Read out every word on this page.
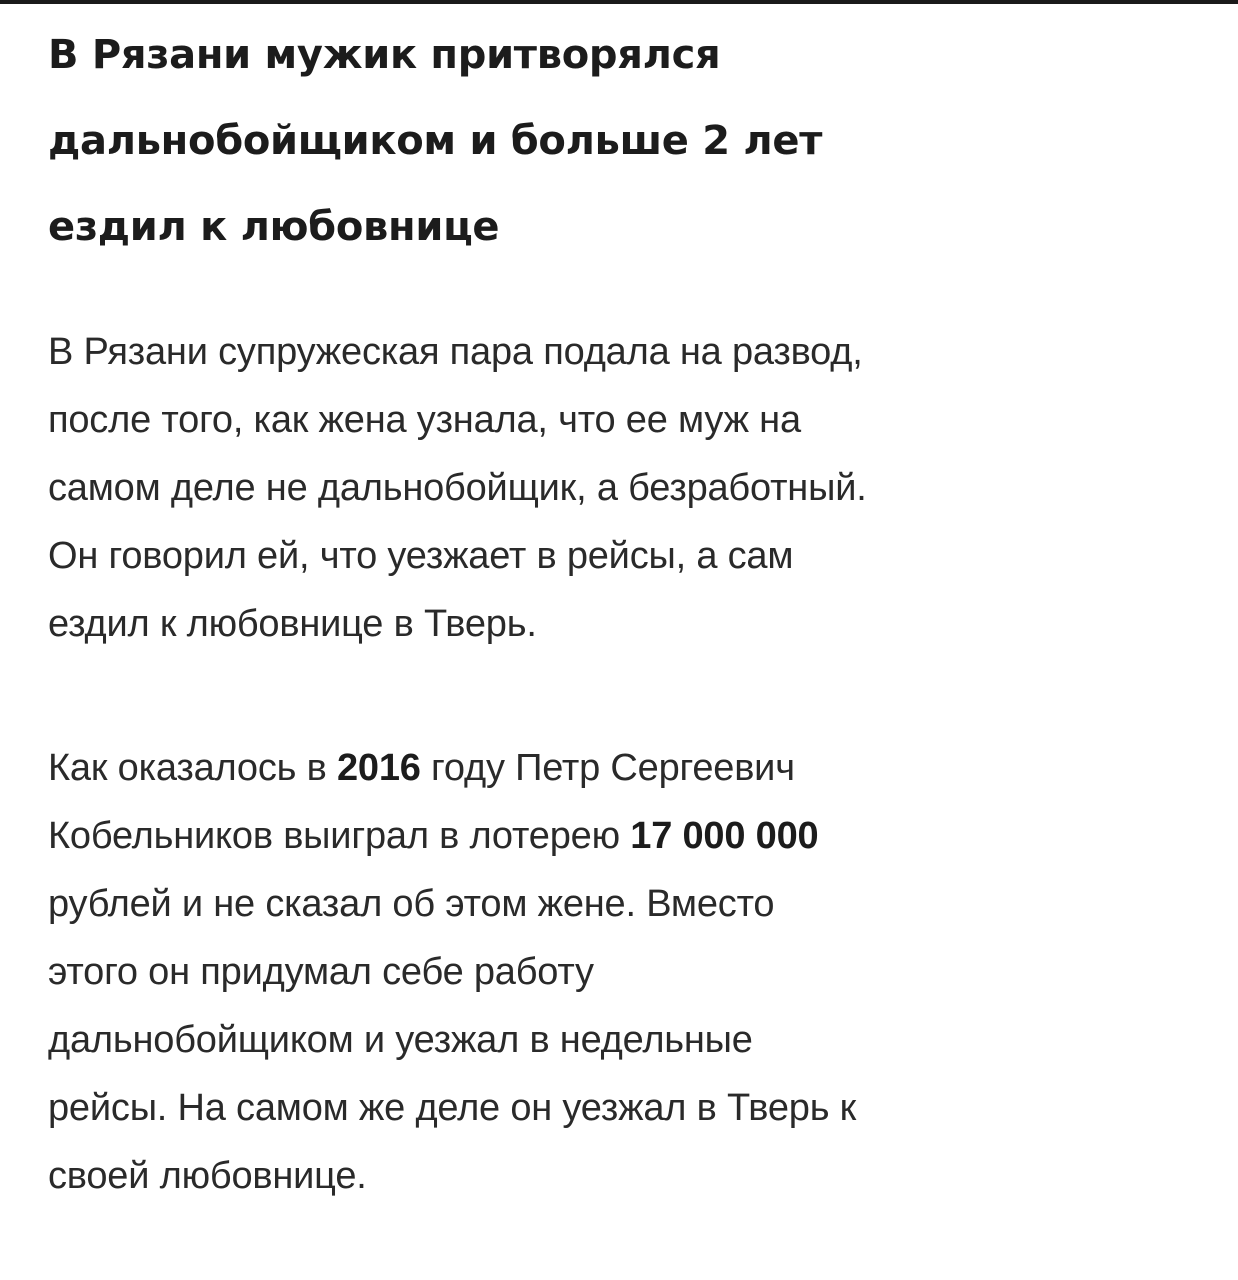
В Рязани мужик притворялся
дальнобойщиком и больше 2 лет
ездил к любовнице

В Рязани супружеская пара подала на развод,
после того, как жена узнала, что ее муж на
самом деле не дальнобойщик, а безработный.
Он говорил ей, что уезжает в рейсы, а сам
ездил к любовнице в Тверь.

Как оказалось в 2016 году Петр Сергеевич
Кобельников выиграл в лотерею 17 000 000
рублей и не сказал об этом жене. Вместо
этого он придумал себе работу
дальнобойщиком и уезжал в недельные
рейсы. На самом же деле он уезжал в Тверь к
своей любовнице.
